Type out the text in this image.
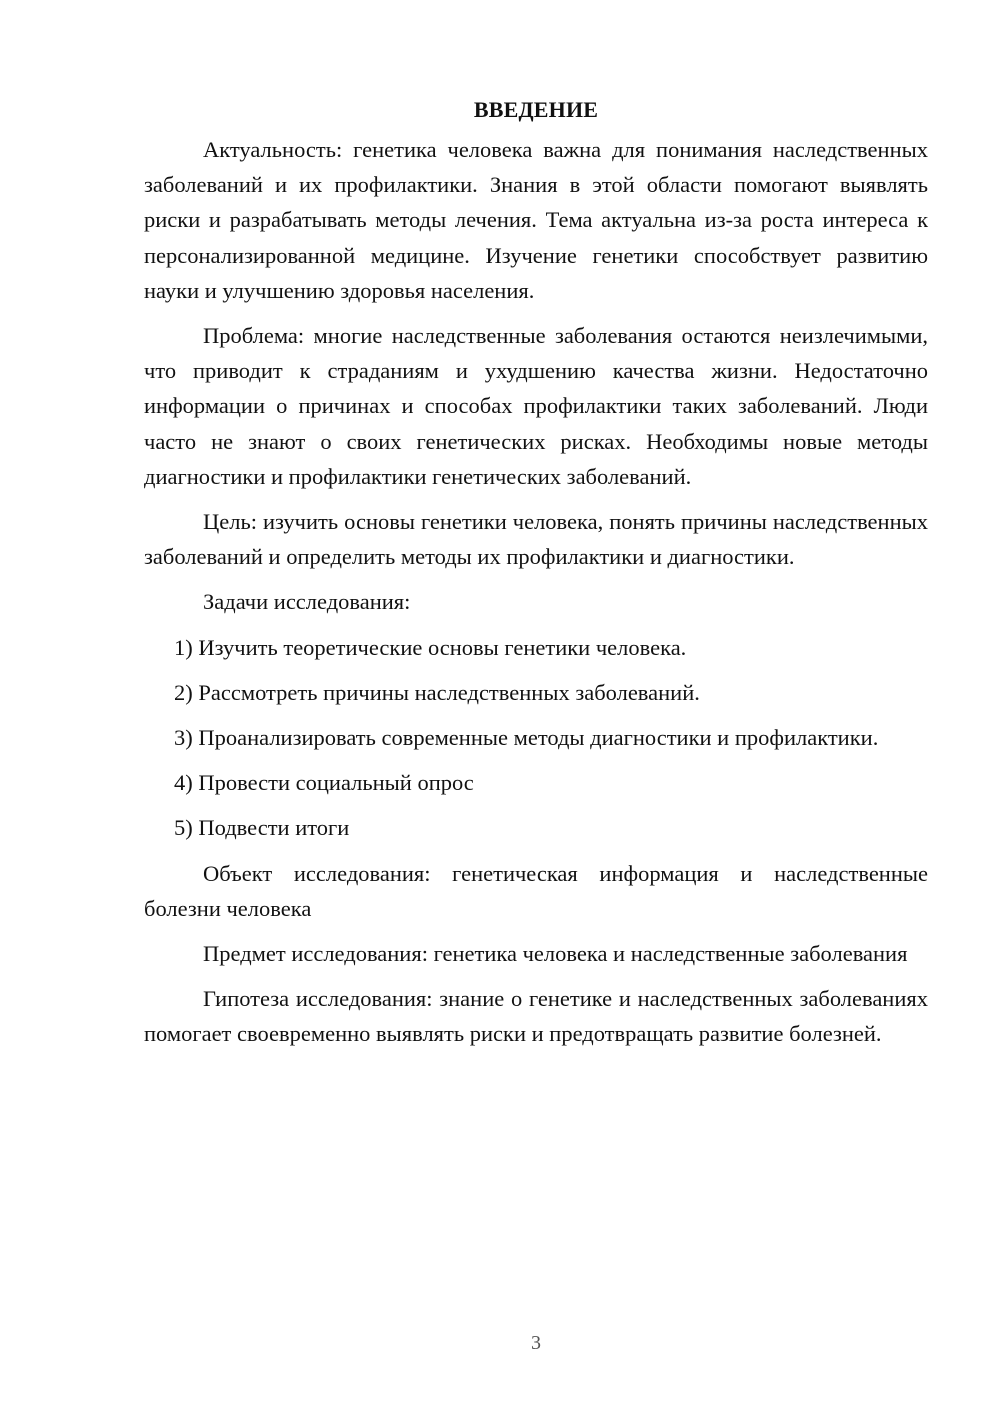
ВВЕДЕНИЕ

Актуальность: генетика человека важна для понимания наследственных заболеваний и их профилактики. Знания в этой области помогают выявлять риски и разрабатывать методы лечения. Тема актуальна из-за роста интереса к персонализированной медицине. Изучение генетики способствует развитию науки и улучшению здоровья населения.

Проблема: многие наследственные заболевания остаются неизлечимыми, что приводит к страданиям и ухудшению качества жизни. Недостаточно информации о причинах и способах профилактики таких заболеваний. Люди часто не знают о своих генетических рисках. Необходимы новые методы диагностики и профилактики генетических заболеваний.

Цель: изучить основы генетики человека, понять причины наследственных заболеваний и определить методы их профилактики и диагностики.

Задачи исследования:

1) Изучить теоретические основы генетики человека.

2) Рассмотреть причины наследственных заболеваний.

3) Проанализировать современные методы диагностики и профилактики.

4) Провести социальный опрос

5) Подвести итоги

Объект исследования: генетическая информация и наследственные болезни человека

Предмет исследования: генетика человека и наследственные заболевания

Гипотеза исследования: знание о генетике и наследственных заболеваниях помогает своевременно выявлять риски и предотвращать развитие болезней.

3
